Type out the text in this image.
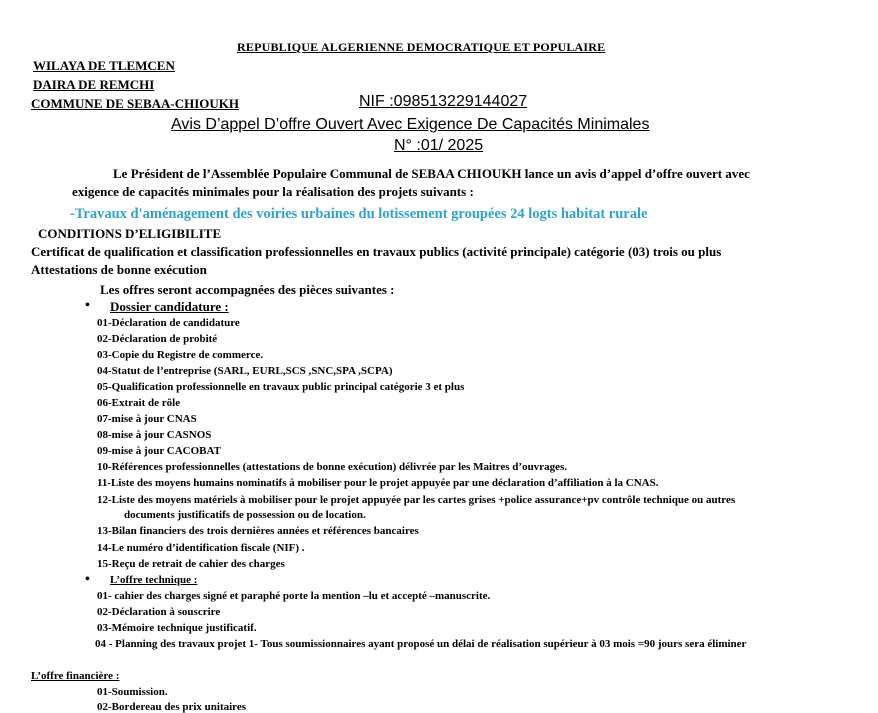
REPUBLIQUE ALGERIENNE DEMOCRATIQUE ET POPULAIRE
WILAYA DE TLEMCEN
DAIRA DE REMCHI
COMMUNE DE SEBAA-CHIOUKH	NIF :098513229144027
Avis D’appel D’offre Ouvert Avec Exigence De Capacités Minimales
N° :01/ 2025
Le Président de l’Assemblée Populaire Communal de SEBAA CHIOUKH lance un avis d’appel d’offre ouvert avec
exigence de capacités minimales pour la réalisation des projets suivants :
-Travaux d'aménagement des voiries urbaines du lotissement groupées 24 logts habitat rurale
CONDITIONS D’ELIGIBILITE
Certificat de qualification et classification professionnelles en travaux publics (activité principale) catégorie (03) trois ou plus
Attestations de bonne exécution
Les offres seront accompagnées des pièces suivantes :
• Dossier candidature :
01-Déclaration de candidature
02-Déclaration de probité
03-Copie du Registre de commerce.
04-Statut de l’entreprise (SARL, EURL,SCS ,SNC,SPA ,SCPA)
05-Qualification professionnelle en travaux public principal catégorie 3 et plus
06-Extrait de rôle
07-mise à jour CNAS
08-mise à jour CASNOS
09-mise à jour CACOBAT
10-Références professionnelles (attestations de bonne exécution) délivrée par les Maitres d’ouvrages.
11-Liste des moyens humains nominatifs à mobiliser pour le projet appuyée par une déclaration d’affiliation à la CNAS.
12-Liste des moyens matériels à mobiliser pour le projet appuyée par les cartes grises +police assurance+pv contrôle technique ou autres
documents justificatifs de possession ou de location.
13-Bilan financiers des trois dernières années et références bancaires
14-Le numéro d’identification fiscale (NIF) .
15-Reçu de retrait de cahier des charges
• L’offre technique :
01- cahier des charges signé et paraphé porte la mention –lu et accepté –manuscrite.
02-Déclaration à souscrire
03-Mémoire technique justificatif.
04 - Planning des travaux projet 1- Tous soumissionnaires ayant proposé un délai de réalisation supérieur à 03 mois =90 jours sera éliminer
L’offre financière :
01-Soumission.
02-Bordereau des prix unitaires
